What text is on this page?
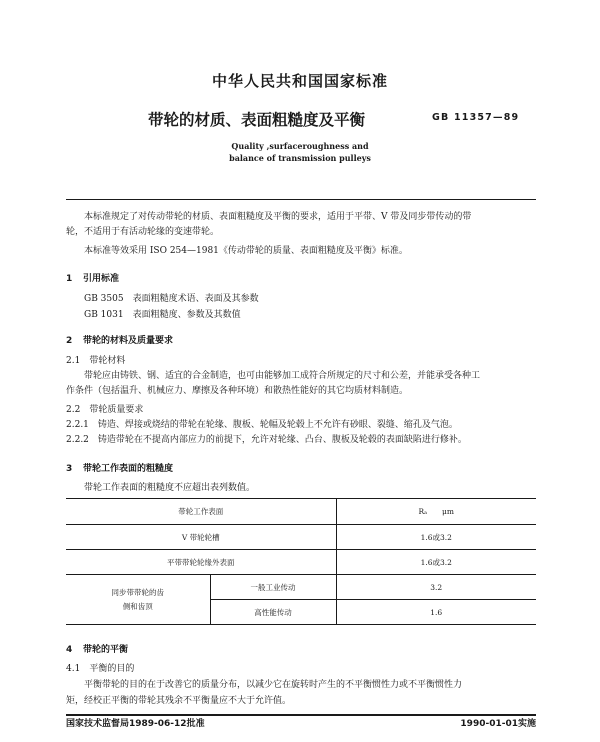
中华人民共和国国家标准
带轮的材质、表面粗糙度及平衡	GB 11357—89
Quality ,surfaceroughness and
balance of transmission pulleys
本标准规定了对传动带轮的材质、表面粗糙度及平衡的要求，适用于平带、V 带及同步带传动的带
轮，不适用于有活动轮缘的变速带轮。
本标准等效采用 ISO 254—1981《传动带轮的质量、表面粗糙度及平衡》标准。
1 引用标准
GB 3505　表面粗糙度术语、表面及其参数
GB 1031　表面粗糙度、参数及其数值
2 带轮的材料及质量要求
2.1　 带轮材料
带轮应由铸铁、钢、适宜的合金制造，也可由能够加工成符合所规定的尺寸和公差，并能承受各种工
作条件（包括温升、机械应力、摩擦及各种环境）和散热性能好的其它均质材料制造。
2.2　 带轮质量要求
2.2.1　 铸造、焊接或烧结的带轮在轮缘、腹板、轮幅及轮毂上不允许有砂眼、裂缝、缩孔及气泡。
2.2.2　 铸造带轮在不提高内部应力的前提下，允许对轮缘、凸台、腹板及轮毂的表面缺陷进行修补。
3 带轮工作表面的粗糙度
带轮工作表面的粗糙度不应超出表列数值。
带轮工作表面		Rₐ　　μm
V 带轮轮槽		1.6或3.2
平带带轮轮缘外表面		1.6或3.2

同步带带轮的齿
侧和齿顶	一般工业传动	3.2
	高性能传动	1.6
4 带轮的平衡
4.1　 平衡的目的
平衡带轮的目的在于改善它的质量分布，以减少它在旋转时产生的不平衡惯性力或不平衡惯性力
矩，经校正平衡的带轮其残余不平衡量应不大于允许值。
国家技术监督局1989-06-12批准	1990-01-01实施
